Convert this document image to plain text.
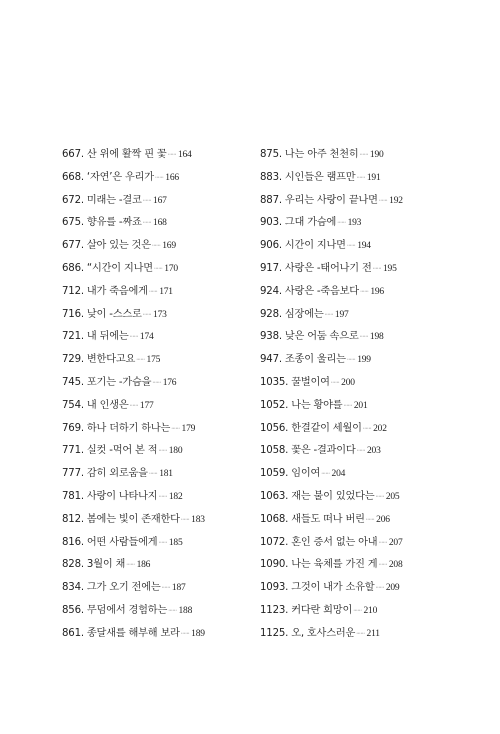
667. 산 위에 활짝 핀 꽃······ 164
668. ‘자연’은 우리가······ 166
672. 미래는 -결코······ 167
675. 향유를 -짜죠······ 168
677. 살아 있는 것은······ 169
686. “시간이 지나면······ 170
712. 내가 죽음에게······ 171
716. 낮이 -스스로······ 173
721. 내 뒤에는······ 174
729. 변한다고요······ 175
745. 포기는 -가슴을······ 176
754. 내 인생은······ 177
769. 하나 더하기 하나는······ 179
771. 실컷 -먹어 본 적······ 180
777. 감히 외로움을······ 181
781. 사랑이 나타나지······ 182
812. 봄에는 빛이 존재한다······ 183
816. 어떤 사람들에게······ 185
828. 3월이 채······ 186
834. 그가 오기 전에는······ 187
856. 무덤에서 경험하는······ 188
861. 종달새를 해부해 보라······ 189
875. 나는 아주 천천히······ 190
883. 시인들은 램프만······ 191
887. 우리는 사랑이 끝나면······ 192
903. 그대 가슴에······ 193
906. 시간이 지나면······ 194
917. 사랑은 -태어나기 전······ 195
924. 사랑은 -죽음보다······ 196
928. 심장에는······ 197
938. 낮은 어둠 속으로······ 198
947. 조종이 울리는······ 199
1035. 꿀벌이여······ 200
1052. 나는 황야를······ 201
1056. 한결같이 세월이······ 202
1058. 꽃은 -결과이다······ 203
1059. 임이여······ 204
1063. 재는 불이 있었다는······ 205
1068. 새들도 떠나 버린······ 206
1072. 혼인 증서 없는 아내······ 207
1090. 나는 육체를 가진 게······ 208
1093. 그것이 내가 소유할······ 209
1123. 커다란 희망이······ 210
1125. 오, 호사스러운······ 211
